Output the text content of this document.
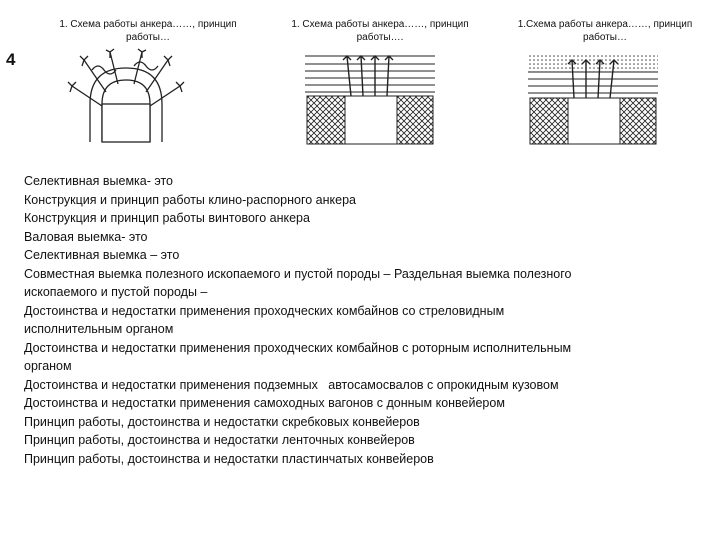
4
1. Схема работы анкера……, принцип работы…
1. Схема работы анкера……, принцип работы….
1.Схема работы анкера……, принцип работы…
Селективная выемка- это
Конструкция и принцип работы клино-распорного анкера
Конструкция и принцип работы винтового анкера
Валовая выемка- это
Селективная выемка – это
Совместная выемка полезного ископаемого и пустой породы – Раздельная выемка полезного
ископаемого и пустой породы –
Достоинства и недостатки применения проходческих комбайнов со стреловидным
исполнительным органом
Достоинства и недостатки применения проходческих комбайнов с роторным исполнительным
органом
Достоинства и недостатки применения подземных   автосамосвалов с опрокидным кузовом
Достоинства и недостатки применения самоходных вагонов с донным конвейером
Принцип работы, достоинства и недостатки скребковых конвейеров
Принцип работы, достоинства и недостатки ленточных конвейеров
Принцип работы, достоинства и недостатки пластинчатых конвейеров
